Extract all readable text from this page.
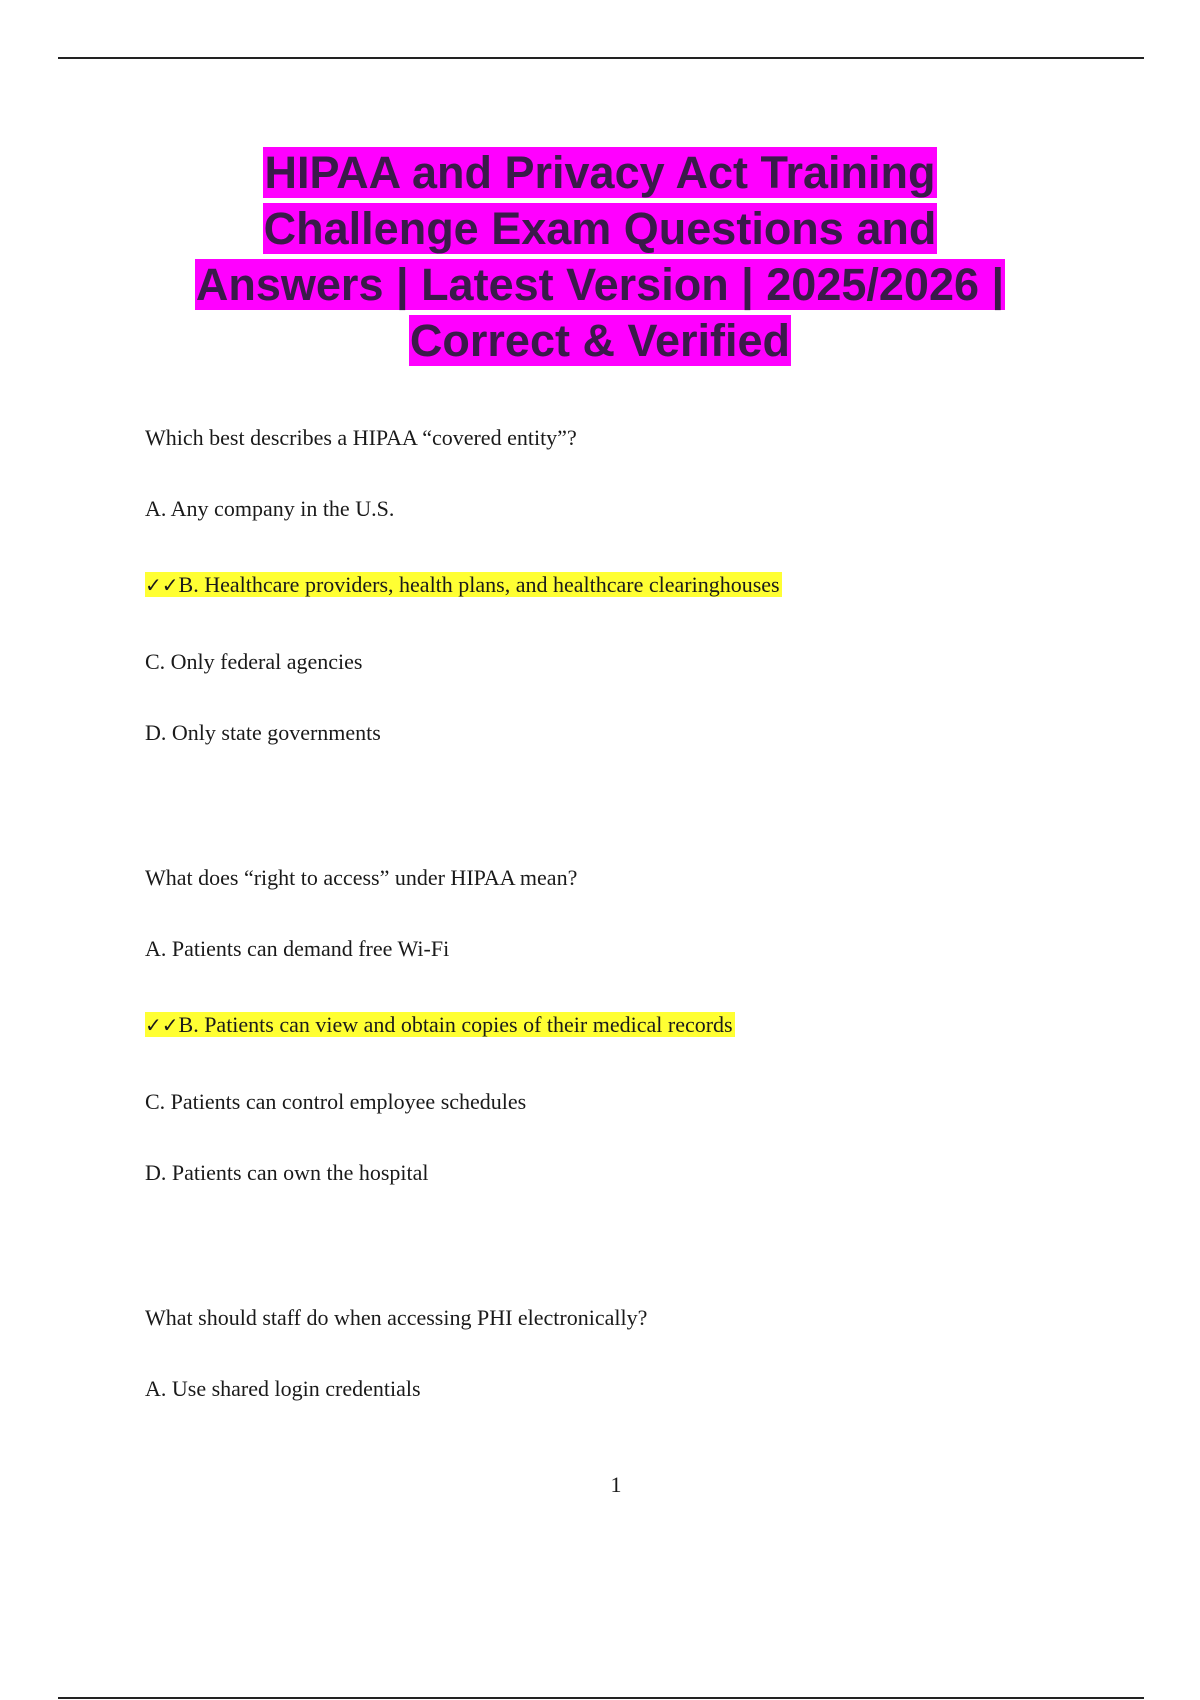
HIPAA and Privacy Act Training
Challenge Exam Questions and
Answers | Latest Version | 2025/2026 |
Correct & Verified
Which best describes a HIPAA “covered entity”?
A. Any company in the U.S.
✓✓B. Healthcare providers, health plans, and healthcare clearinghouses
C. Only federal agencies
D. Only state governments
What does “right to access” under HIPAA mean?
A. Patients can demand free Wi-Fi
✓✓B. Patients can view and obtain copies of their medical records
C. Patients can control employee schedules
D. Patients can own the hospital
What should staff do when accessing PHI electronically?
A. Use shared login credentials
1
